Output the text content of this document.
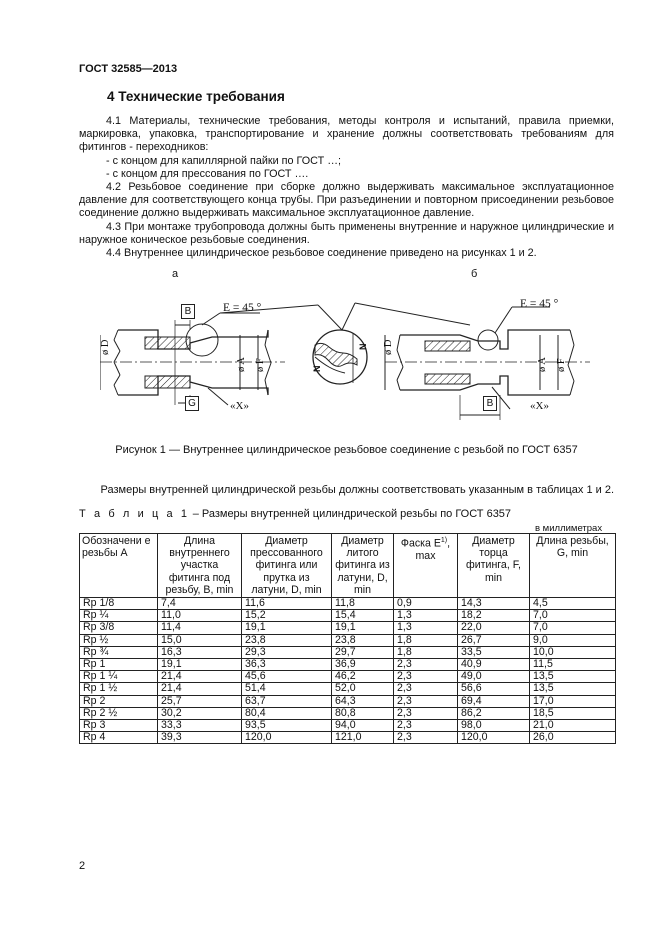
ГОСТ 32585—2013
4 Технические требования

4.1 Материалы, технические требования, методы контроля и испытаний, правила приемки, маркировка, упаковка, транспортирование и хранение должны соответствовать требованиям для фитингов - переходников:

- с концом для капиллярной пайки по ГОСТ …;

- с концом для прессования по ГОСТ ….

4.2 Резьбовое соединение при сборке должно выдерживать максимальное эксплуатационное давление для соответствующего конца трубы. При разъединении и повторном присоединении резьбовое соединение должно выдерживать максимальное эксплуатационное давление.

4.3 При монтаже трубопровода должны быть применены внутренние и наружное цилиндрические и наружное коническое резьбовые соединения.

4.4 Внутреннее цилиндрическое резьбовое соединение приведено на рисунках 1 и 2.

а	б
E = 45 °	E = 45 °
B
B
G
ø D
ø A ø F
ø D
ø A ø F
«X»	«X»
N
N
Рисунок 1 — Внутреннее цилиндрическое резьбовое соединение с резьбой по ГОСТ 6357
Размеры внутренней цилиндрической резьбы должны соответствовать указанным в таблицах 1 и 2.
Т а б л и ц а 1 – Размеры внутренней цилиндрической резьбы по ГОСТ 6357
в миллиметрах
Обозначени е резьбы A	Длина внутреннего участка фитинга под резьбу, B, min	Диаметр прессованного фитинга или прутка из латуни, D, min	Диаметр литого фитинга из латуни, D, min	Фаска $E^{1)}$, max	Диаметр торца фитинга, F, min	Длина резьбы, G, min
Rp 1/8	7,4	11,6	11,8	0,9	14,3	4,5
Rp ¼	11,0	15,2	15,4	1,3	18,2	7,0
Rp 3/8	11,4	19,1	19,1	1,3	22,0	7,0
Rp ½	15,0	23,8	23,8	1,8	26,7	9,0
Rp ¾	16,3	29,3	29,7	1,8	33,5	10,0
Rp 1	19,1	36,3	36,9	2,3	40,9	11,5
Rp 1 ¼	21,4	45,6	46,2	2,3	49,0	13,5
Rp 1 ½	21,4	51,4	52,0	2,3	56,6	13,5
Rp 2	25,7	63,7	64,3	2,3	69,4	17,0
Rp 2 ½	30,2	80,4	80,8	2,3	86,2	18,5
Rp 3	33,3	93,5	94,0	2,3	98,0	21,0
Rp 4	39,3	120,0	121,0	2,3	120,0	26,0
2
